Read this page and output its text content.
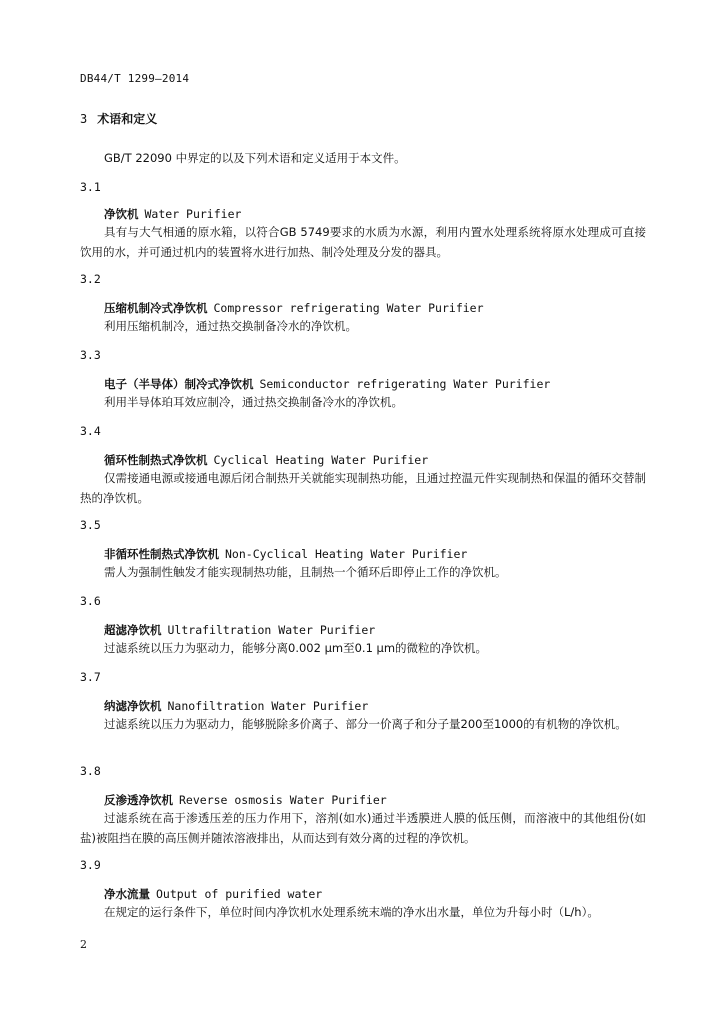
DB44/T 1299—2014
3 术语和定义
GB/T 22090 中界定的以及下列术语和定义适用于本文件。
3.1
净饮机 Water Purifier
具有与大气相通的原水箱，以符合GB 5749要求的水质为水源，利用内置水处理系统将原水处理成可直接饮用的水，并可通过机内的装置将水进行加热、制冷处理及分发的器具。
3.2
压缩机制冷式净饮机 Compressor refrigerating Water Purifier
利用压缩机制冷，通过热交换制备冷水的净饮机。
3.3
电子（半导体）制冷式净饮机 Semiconductor refrigerating Water Purifier
利用半导体珀耳效应制冷，通过热交换制备冷水的净饮机。
3.4
循环性制热式净饮机 Cyclical Heating Water Purifier
仅需接通电源或接通电源后闭合制热开关就能实现制热功能，且通过控温元件实现制热和保温的循环交替制热的净饮机。
3.5
非循环性制热式净饮机 Non-Cyclical Heating Water Purifier
需人为强制性触发才能实现制热功能，且制热一个循环后即停止工作的净饮机。
3.6
超滤净饮机 Ultrafiltration Water Purifier
过滤系统以压力为驱动力，能够分离0.002 μm至0.1 μm的微粒的净饮机。
3.7
纳滤净饮机 Nanofiltration Water Purifier
过滤系统以压力为驱动力，能够脱除多价离子、部分一价离子和分子量200至1000的有机物的净饮机。
3.8
反渗透净饮机 Reverse osmosis Water Purifier
过滤系统在高于渗透压差的压力作用下，溶剂(如水)通过半透膜进人膜的低压侧，而溶液中的其他组份(如盐)被阻挡在膜的高压侧并随浓溶液排出，从而达到有效分离的过程的净饮机。
3.9
净水流量 Output of purified water
在规定的运行条件下，单位时间内净饮机水处理系统末端的净水出水量，单位为升每小时（L/h）。
2
